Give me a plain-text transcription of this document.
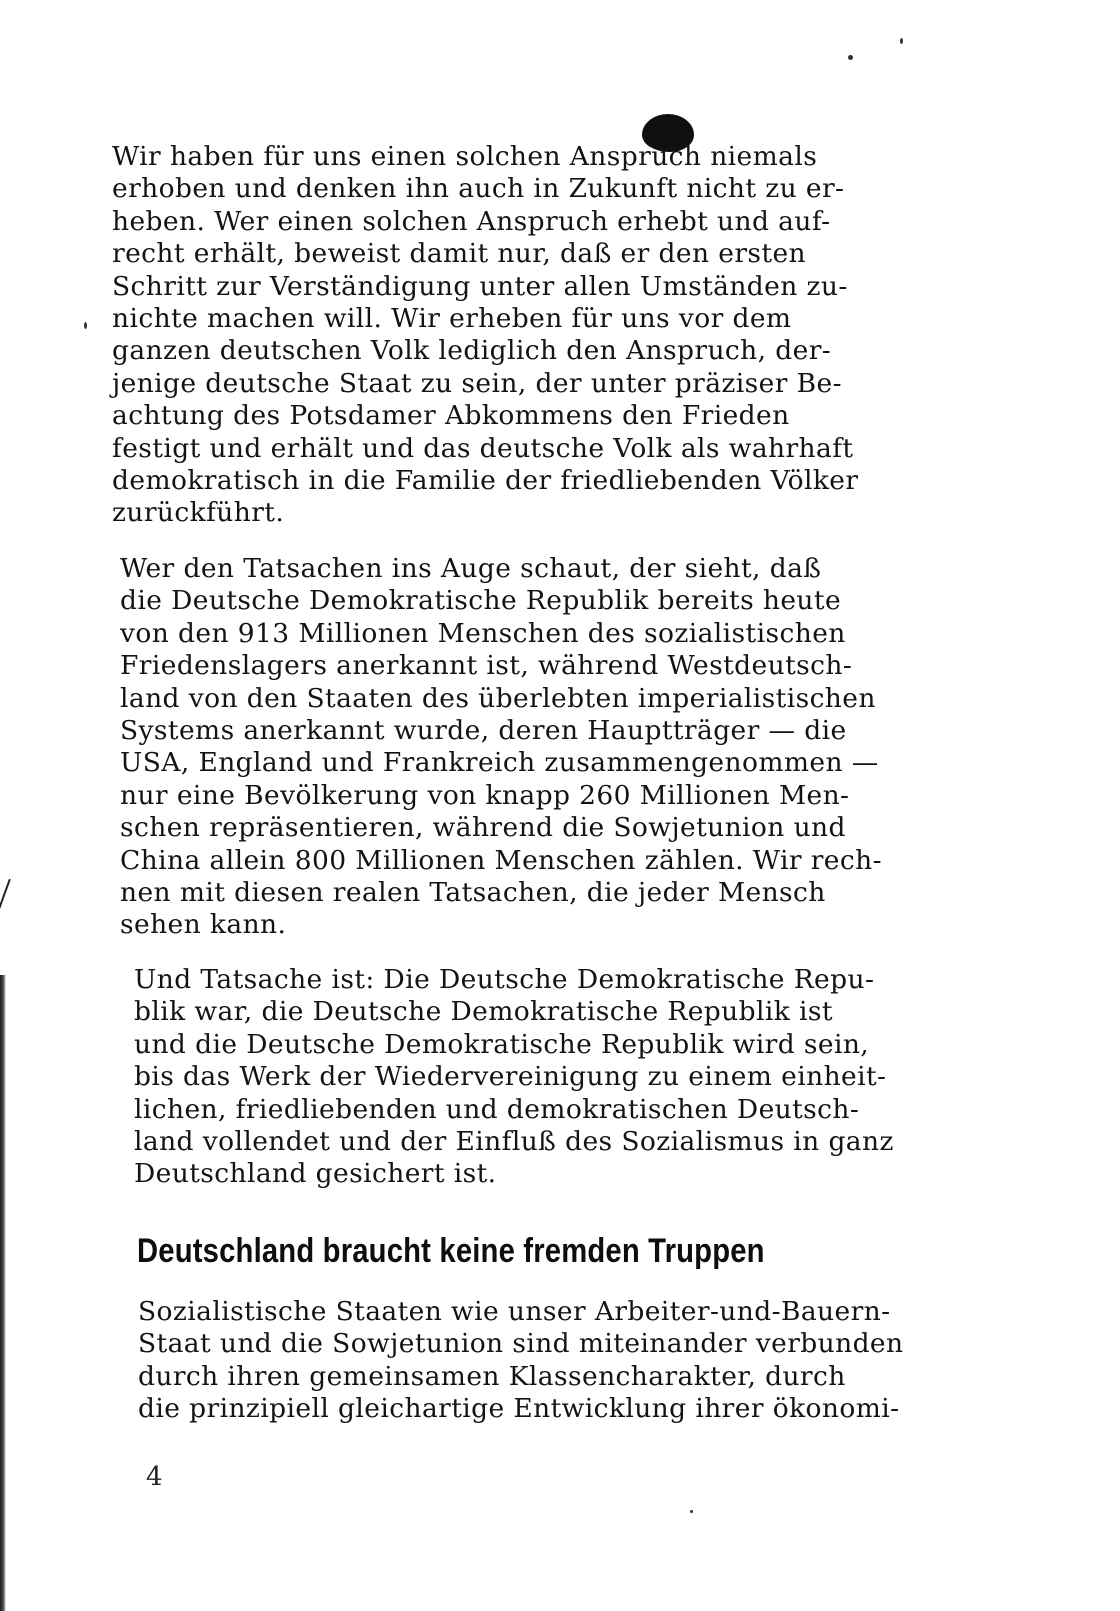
Wir haben für uns einen solchen Anspruch niemals
erhoben und denken ihn auch in Zukunft nicht zu er-
heben. Wer einen solchen Anspruch erhebt und auf-
recht erhält, beweist damit nur, daß er den ersten
Schritt zur Verständigung unter allen Umständen zu-
nichte machen will. Wir erheben für uns vor dem
ganzen deutschen Volk lediglich den Anspruch, der-
jenige deutsche Staat zu sein, der unter präziser Be-
achtung des Potsdamer Abkommens den Frieden
festigt und erhält und das deutsche Volk als wahrhaft
demokratisch in die Familie der friedliebenden Völker
zurückführt.
Wer den Tatsachen ins Auge schaut, der sieht, daß
die Deutsche Demokratische Republik bereits heute
von den 913 Millionen Menschen des sozialistischen
Friedenslagers anerkannt ist, während Westdeutsch-
land von den Staaten des überlebten imperialistischen
Systems anerkannt wurde, deren Hauptträger — die
USA, England und Frankreich zusammengenommen —
nur eine Bevölkerung von knapp 260 Millionen Men-
schen repräsentieren, während die Sowjetunion und
China allein 800 Millionen Menschen zählen. Wir rech-
nen mit diesen realen Tatsachen, die jeder Mensch
sehen kann.
Und Tatsache ist: Die Deutsche Demokratische Repu-
blik war, die Deutsche Demokratische Republik ist
und die Deutsche Demokratische Republik wird sein,
bis das Werk der Wiedervereinigung zu einem einheit-
lichen, friedliebenden und demokratischen Deutsch-
land vollendet und der Einfluß des Sozialismus in ganz
Deutschland gesichert ist.
Deutschland braucht keine fremden Truppen
Sozialistische Staaten wie unser Arbeiter-und-Bauern-
Staat und die Sowjetunion sind miteinander verbunden
durch ihren gemeinsamen Klassencharakter, durch
die prinzipiell gleichartige Entwicklung ihrer ökonomi-
4
